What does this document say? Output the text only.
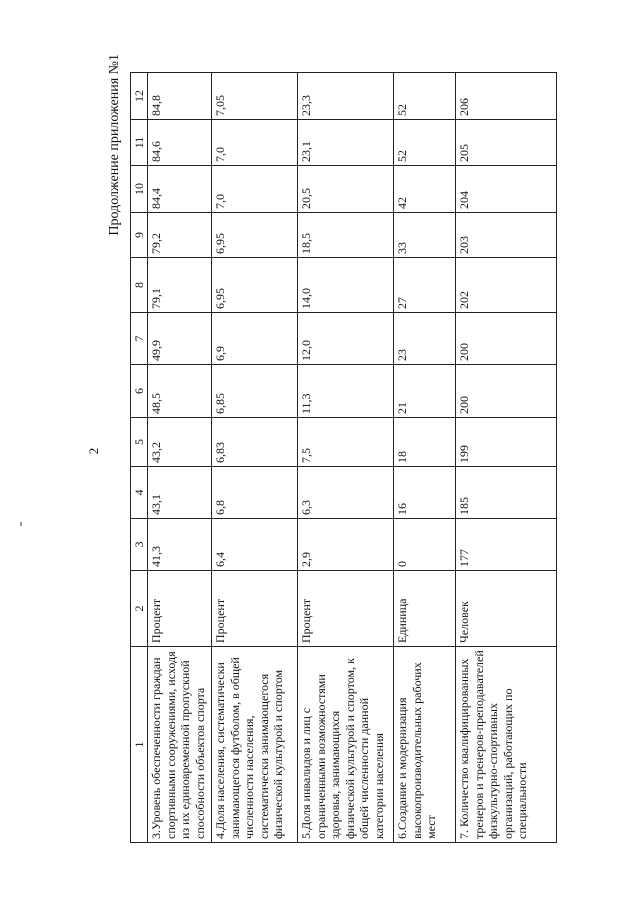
2
Продолжение приложения №1
1	2	3	4	5	6	7	8	9	10	11	12
3.Уровень обеспеченности граждан спортивными сооружениями, исходя из их единовременной пропускной способности объектов спорта	Процент	41,3	43,1	43,2	48,5	49,9	79,1	79,2	84,4	84,6	84,8
4.Доля населения, систематически занимающегося футболом, в общей численности населения, систематически занимающегося физической культурой и спортом	Процент	6,4	6,8	6,83	6,85	6,9	6,95	6,95	7,0	7,0	7,05
5.Доля инвалидов и лиц с ограниченными возможностями здоровья, занимающихся физической культурой и спортом, к общей численности данной категории населения	Процент	2,9	6,3	7,5	11,3	12,0	14,0	18,5	20,5	23,1	23,3
6.Создание и модернизация высокопроизводительных рабочих мест	Единица	0	16	18	21	23	27	33	42	52	52
7. Количество квалифицированных тренеров и тренеров-преподавателей физкультурно-спортивных организаций, работающих по специальности	Человек	177	185	199	200	200	202	203	204	205	206
